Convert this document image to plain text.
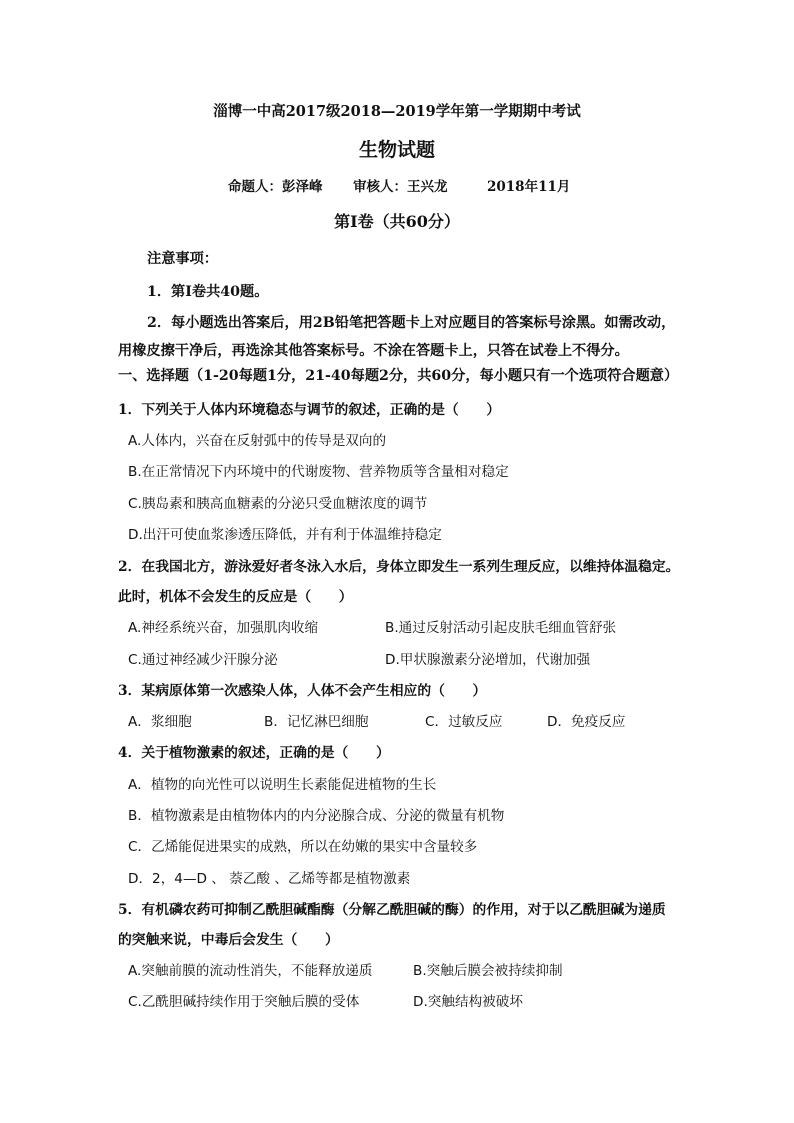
淄博一中高2017级2018—2019学年第一学期期中考试
生物试题
命题人：彭泽峰 审核人：王兴龙	2018年11月
第Ⅰ卷（共60分）
注意事项：
1．第Ⅰ卷共40题。
2．每小题选出答案后，用2B铅笔把答题卡上对应题目的答案标号涂黑。如需改动，
用橡皮擦干净后，再选涂其他答案标号。不涂在答题卡上，只答在试卷上不得分。
一、选择题（1-20每题1分，21-40每题2分，共60分，每小题只有一个选项符合题意）
1．下列关于人体内环境稳态与调节的叙述，正确的是（　　）
A.人体内，兴奋在反射弧中的传导是双向的
B.在正常情况下内环境中的代谢废物、营养物质等含量相对稳定
C.胰岛素和胰高血糖素的分泌只受血糖浓度的调节
D.出汗可使血浆渗透压降低，并有利于体温维持稳定
2．在我国北方，游泳爱好者冬泳入水后，身体立即发生一系列生理反应，以维持体温稳定。
此时，机体不会发生的反应是（　　）
A.神经系统兴奋，加强肌肉收缩	B.通过反射活动引起皮肤毛细血管舒张
C.通过神经减少汗腺分泌	D.甲状腺激素分泌增加，代谢加强
3．某病原体第一次感染人体，人体不会产生相应的（　　）
A．浆细胞	B．记忆淋巴细胞	C．过敏反应	D．免疫反应
4．关于植物激素的叙述，正确的是（　　）
A．植物的向光性可以说明生长素能促进植物的生长
B．植物激素是由植物体内的内分泌腺合成、分泌的微量有机物
C．乙烯能促进果实的成熟，所以在幼嫩的果实中含量较多
D．2，4—D 、 萘乙酸 、乙烯等都是植物激素
5．有机磷农药可抑制乙酰胆碱酯酶（分解乙酰胆碱的酶）的作用，对于以乙酰胆碱为递质
的突触来说，中毒后会发生（　　）
A.突触前膜的流动性消失，不能释放递质	B.突触后膜会被持续抑制
C.乙酰胆碱持续作用于突触后膜的受体	D.突触结构被破坏
